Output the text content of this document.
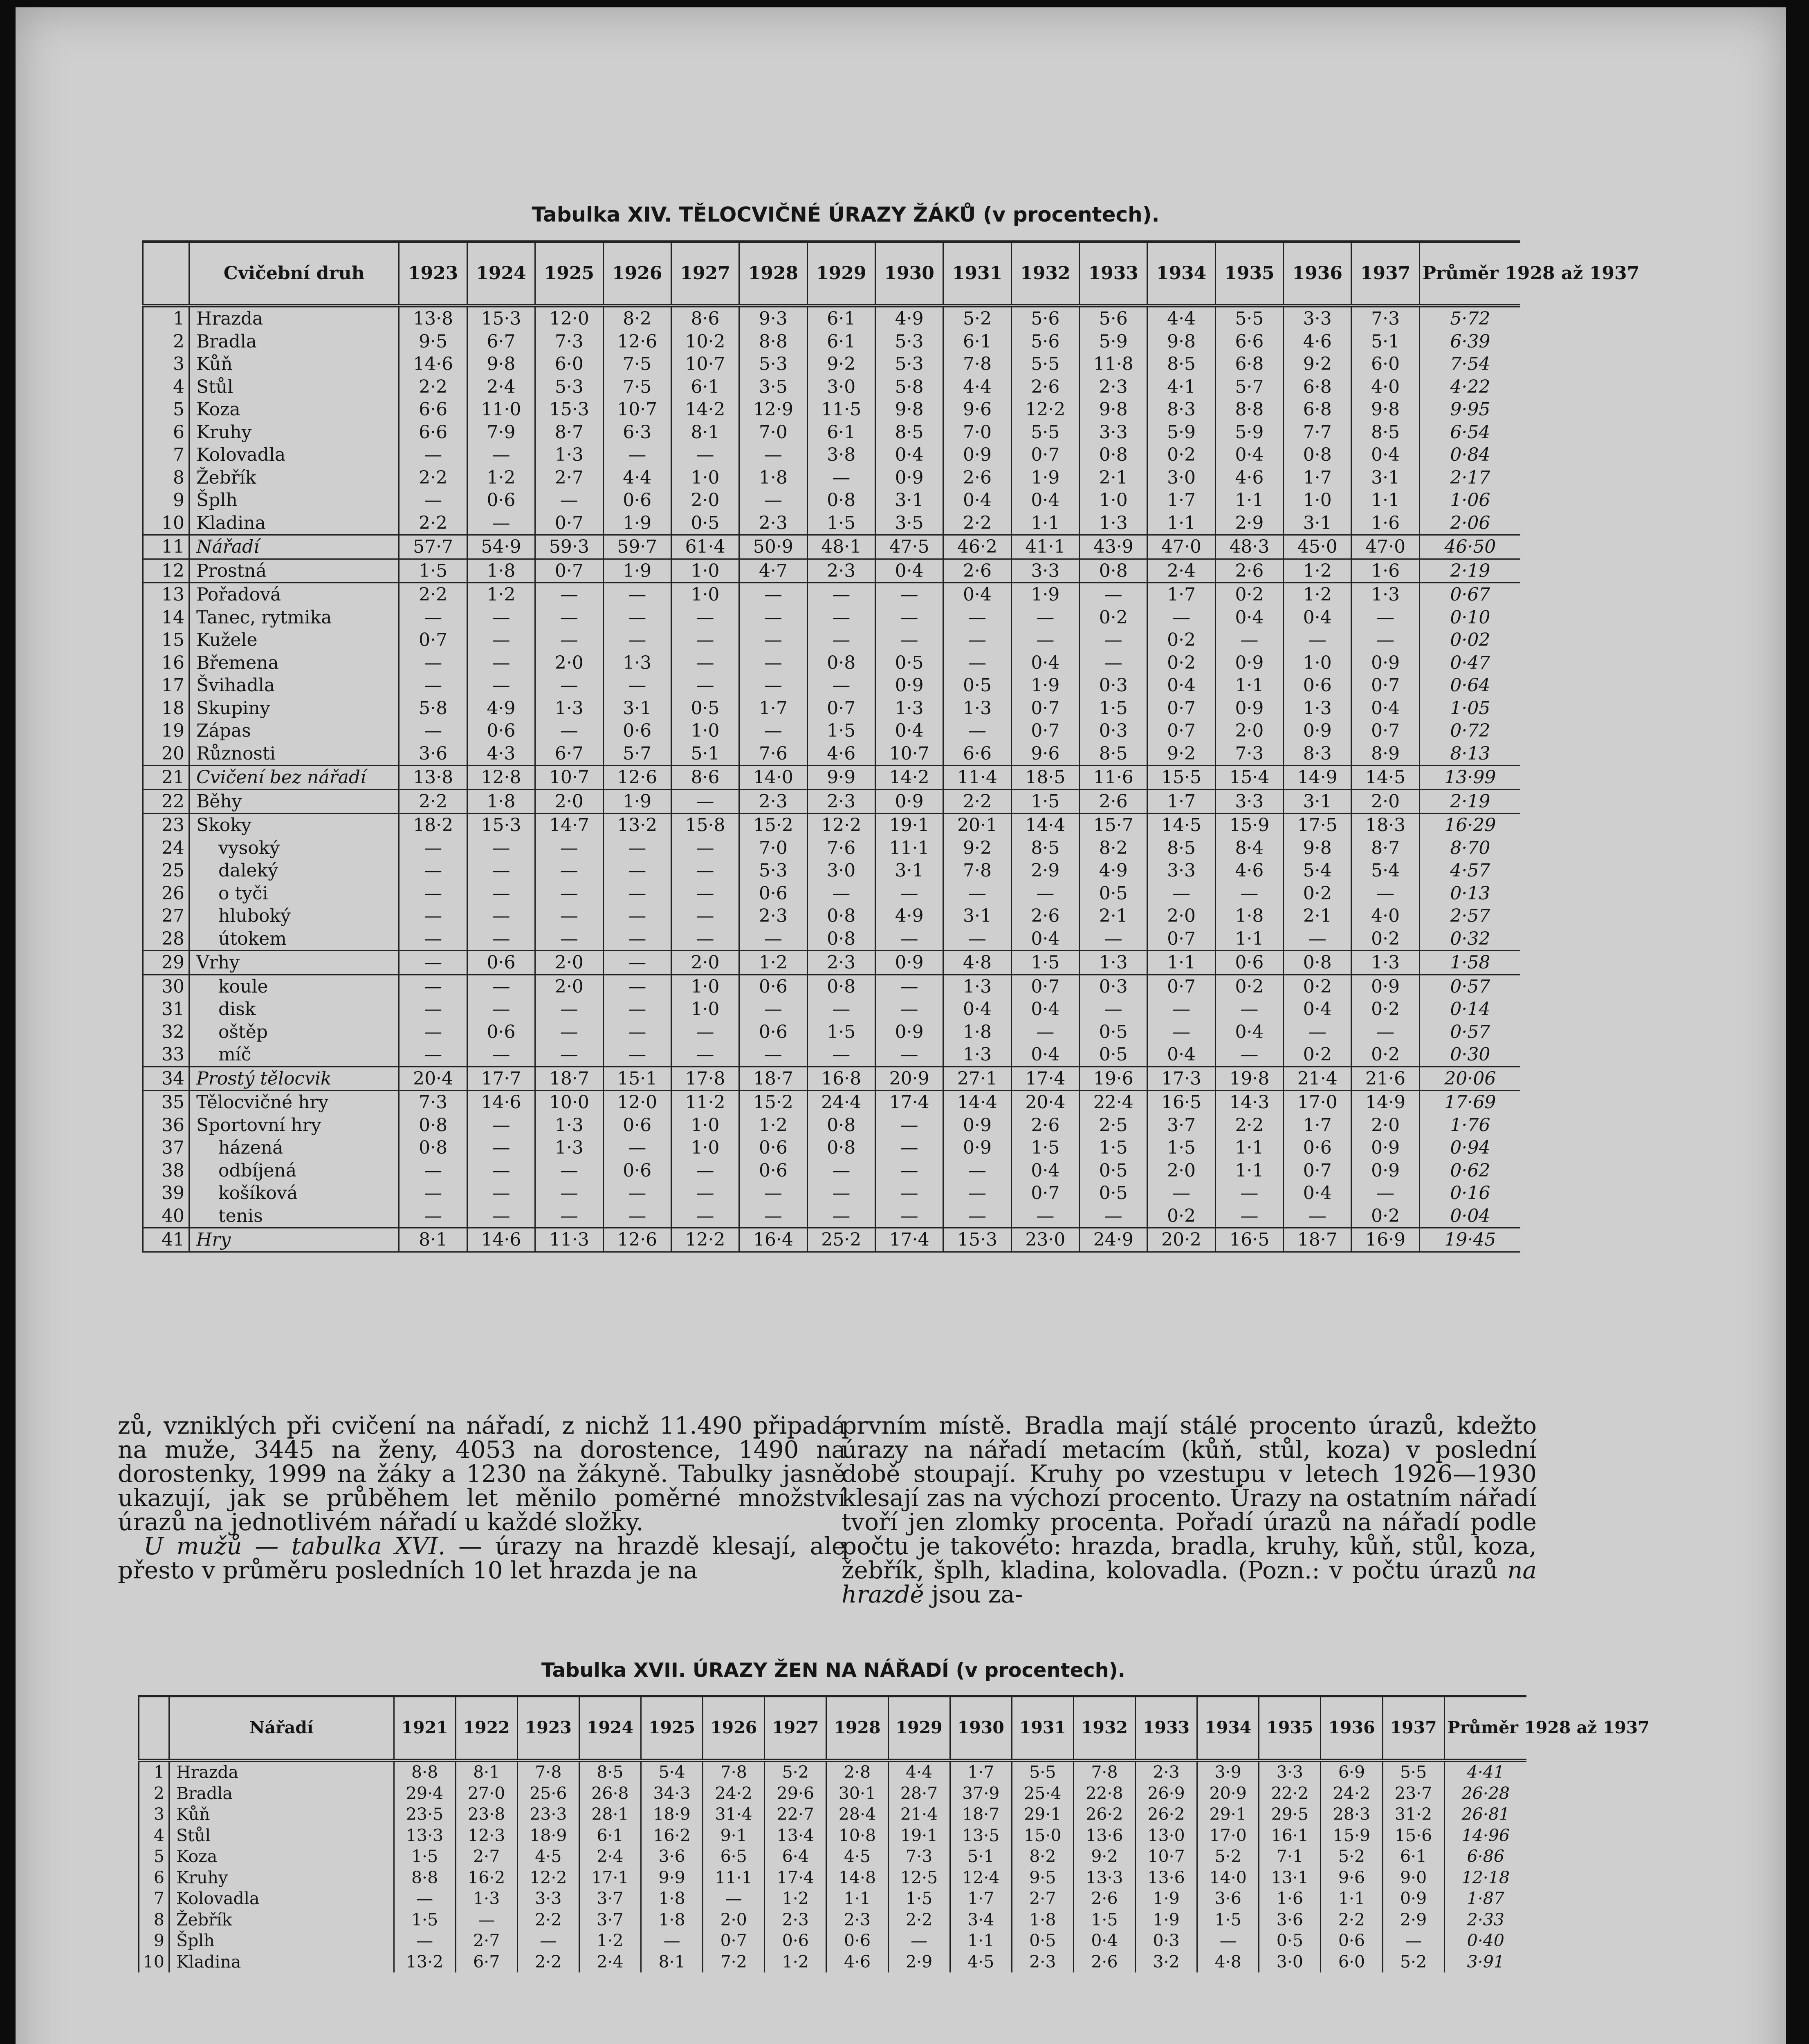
Tabulka XIV. TĚLOCVIČNÉ ÚRAZY ŽÁKŮ (v procentech).
	Cvičební druh	1923	1924	1925	1926	1927	1928	1929	1930	1931	1932	1933	1934	1935	1936	1937	Průměr 1928 až 1937
1	Hrazda	13·8	15·3	12·0	8·2	8·6	9·3	6·1	4·9	5·2	5·6	5·6	4·4	5·5	3·3	7·3	5·72
2	Bradla	9·5	6·7	7·3	12·6	10·2	8·8	6·1	5·3	6·1	5·6	5·9	9·8	6·6	4·6	5·1	6·39
3	Kůň	14·6	9·8	6·0	7·5	10·7	5·3	9·2	5·3	7·8	5·5	11·8	8·5	6·8	9·2	6·0	7·54
4	Stůl	2·2	2·4	5·3	7·5	6·1	3·5	3·0	5·8	4·4	2·6	2·3	4·1	5·7	6·8	4·0	4·22
5	Koza	6·6	11·0	15·3	10·7	14·2	12·9	11·5	9·8	9·6	12·2	9·8	8·3	8·8	6·8	9·8	9·95
6	Kruhy	6·6	7·9	8·7	6·3	8·1	7·0	6·1	8·5	7·0	5·5	3·3	5·9	5·9	7·7	8·5	6·54
7	Kolovadla	—	—	1·3	—	—	—	3·8	0·4	0·9	0·7	0·8	0·2	0·4	0·8	0·4	0·84
8	Žebřík	2·2	1·2	2·7	4·4	1·0	1·8	—	0·9	2·6	1·9	2·1	3·0	4·6	1·7	3·1	2·17
9	Šplh	—	0·6	—	0·6	2·0	—	0·8	3·1	0·4	0·4	1·0	1·7	1·1	1·0	1·1	1·06
10	Kladina	2·2	—	0·7	1·9	0·5	2·3	1·5	3·5	2·2	1·1	1·3	1·1	2·9	3·1	1·6	2·06
11	Nářadí	57·7	54·9	59·3	59·7	61·4	50·9	48·1	47·5	46·2	41·1	43·9	47·0	48·3	45·0	47·0	46·50
12	Prostná	1·5	1·8	0·7	1·9	1·0	4·7	2·3	0·4	2·6	3·3	0·8	2·4	2·6	1·2	1·6	2·19
13	Pořadová	2·2	1·2	—	—	1·0	—	—	—	0·4	1·9	—	1·7	0·2	1·2	1·3	0·67
14	Tanec, rytmika	—	—	—	—	—	—	—	—	—	—	0·2	—	0·4	0·4	—	0·10
15	Kužele	0·7	—	—	—	—	—	—	—	—	—	—	0·2	—	—	—	0·02
16	Břemena	—	—	2·0	1·3	—	—	0·8	0·5	—	0·4	—	0·2	0·9	1·0	0·9	0·47
17	Švihadla	—	—	—	—	—	—	—	0·9	0·5	1·9	0·3	0·4	1·1	0·6	0·7	0·64
18	Skupiny	5·8	4·9	1·3	3·1	0·5	1·7	0·7	1·3	1·3	0·7	1·5	0·7	0·9	1·3	0·4	1·05
19	Zápas	—	0·6	—	0·6	1·0	—	1·5	0·4	—	0·7	0·3	0·7	2·0	0·9	0·7	0·72
20	Různosti	3·6	4·3	6·7	5·7	5·1	7·6	4·6	10·7	6·6	9·6	8·5	9·2	7·3	8·3	8·9	8·13
21	Cvičení bez nářadí	13·8	12·8	10·7	12·6	8·6	14·0	9·9	14·2	11·4	18·5	11·6	15·5	15·4	14·9	14·5	13·99
22	Běhy	2·2	1·8	2·0	1·9	—	2·3	2·3	0·9	2·2	1·5	2·6	1·7	3·3	3·1	2·0	2·19
23	Skoky	18·2	15·3	14·7	13·2	15·8	15·2	12·2	19·1	20·1	14·4	15·7	14·5	15·9	17·5	18·3	16·29
24	vysoký	—	—	—	—	—	7·0	7·6	11·1	9·2	8·5	8·2	8·5	8·4	9·8	8·7	8·70
25	daleký	—	—	—	—	—	5·3	3·0	3·1	7·8	2·9	4·9	3·3	4·6	5·4	5·4	4·57
26	o tyči	—	—	—	—	—	0·6	—	—	—	—	0·5	—	—	0·2	—	0·13
27	hluboký	—	—	—	—	—	2·3	0·8	4·9	3·1	2·6	2·1	2·0	1·8	2·1	4·0	2·57
28	útokem	—	—	—	—	—	—	0·8	—	—	0·4	—	0·7	1·1	—	0·2	0·32
29	Vrhy	—	0·6	2·0	—	2·0	1·2	2·3	0·9	4·8	1·5	1·3	1·1	0·6	0·8	1·3	1·58
30	koule	—	—	2·0	—	1·0	0·6	0·8	—	1·3	0·7	0·3	0·7	0·2	0·2	0·9	0·57
31	disk	—	—	—	—	1·0	—	—	—	0·4	0·4	—	—	—	0·4	0·2	0·14
32	oštěp	—	0·6	—	—	—	0·6	1·5	0·9	1·8	—	0·5	—	0·4	—	—	0·57
33	míč	—	—	—	—	—	—	—	—	1·3	0·4	0·5	0·4	—	0·2	0·2	0·30
34	Prostý tělocvik	20·4	17·7	18·7	15·1	17·8	18·7	16·8	20·9	27·1	17·4	19·6	17·3	19·8	21·4	21·6	20·06
35	Tělocvičné hry	7·3	14·6	10·0	12·0	11·2	15·2	24·4	17·4	14·4	20·4	22·4	16·5	14·3	17·0	14·9	17·69
36	Sportovní hry	0·8	—	1·3	0·6	1·0	1·2	0·8	—	0·9	2·6	2·5	3·7	2·2	1·7	2·0	1·76
37	házená	0·8	—	1·3	—	1·0	0·6	0·8	—	0·9	1·5	1·5	1·5	1·1	0·6	0·9	0·94
38	odbíjená	—	—	—	0·6	—	0·6	—	—	—	0·4	0·5	2·0	1·1	0·7	0·9	0·62
39	košíková	—	—	—	—	—	—	—	—	—	0·7	0·5	—	—	0·4	—	0·16
40	tenis	—	—	—	—	—	—	—	—	—	—	—	0·2	—	—	0·2	0·04
41	Hry	8·1	14·6	11·3	12·6	12·2	16·4	25·2	17·4	15·3	23·0	24·9	20·2	16·5	18·7	16·9	19·45
zů, vzniklých při cvičení na nářadí, z nichž 11.490 připadá na muže, 3445 na ženy, 4053 na dorostence, 1490 na dorostenky, 1999 na žáky a 1230 na žákyně. Tabulky jasně ukazují, jak se průběhem let měnilo poměrné množství úrazů na jednotlivém nářadí u každé složky.
U mužů — tabulka XVI. — úrazy na hrazdě klesají, ale přesto v průměru posledních 10 let hrazda je na
prvním místě. Bradla mají stálé procento úrazů, kdežto úrazy na nářadí metacím (kůň, stůl, koza) v poslední době stoupají. Kruhy po vzestupu v letech 1926—1930 klesají zas na výchozí procento. Úrazy na ostatním nářadí tvoří jen zlomky procenta. Pořadí úrazů na nářadí podle počtu je takovéto: hrazda, bradla, kruhy, kůň, stůl, koza, žebřík, šplh, kladina, kolovadla. (Pozn.: v počtu úrazů na hrazdě jsou za-
Tabulka XVII. ÚRAZY ŽEN NA NÁŘADÍ (v procentech).
	Nářadí	1921	1922	1923	1924	1925	1926	1927	1928	1929	1930	1931	1932	1933	1934	1935	1936	1937	Průměr 1928 až 1937
1	Hrazda	8·8	8·1	7·8	8·5	5·4	7·8	5·2	2·8	4·4	1·7	5·5	7·8	2·3	3·9	3·3	6·9	5·5	4·41
2	Bradla	29·4	27·0	25·6	26·8	34·3	24·2	29·6	30·1	28·7	37·9	25·4	22·8	26·9	20·9	22·2	24·2	23·7	26·28
3	Kůň	23·5	23·8	23·3	28·1	18·9	31·4	22·7	28·4	21·4	18·7	29·1	26·2	26·2	29·1	29·5	28·3	31·2	26·81
4	Stůl	13·3	12·3	18·9	6·1	16·2	9·1	13·4	10·8	19·1	13·5	15·0	13·6	13·0	17·0	16·1	15·9	15·6	14·96
5	Koza	1·5	2·7	4·5	2·4	3·6	6·5	6·4	4·5	7·3	5·1	8·2	9·2	10·7	5·2	7·1	5·2	6·1	6·86
6	Kruhy	8·8	16·2	12·2	17·1	9·9	11·1	17·4	14·8	12·5	12·4	9·5	13·3	13·6	14·0	13·1	9·6	9·0	12·18
7	Kolovadla	—	1·3	3·3	3·7	1·8	—	1·2	1·1	1·5	1·7	2·7	2·6	1·9	3·6	1·6	1·1	0·9	1·87
8	Žebřík	1·5	—	2·2	3·7	1·8	2·0	2·3	2·3	2·2	3·4	1·8	1·5	1·9	1·5	3·6	2·2	2·9	2·33
9	Šplh	—	2·7	—	1·2	—	0·7	0·6	0·6	—	1·1	0·5	0·4	0·3	—	0·5	0·6	—	0·40
10	Kladina	13·2	6·7	2·2	2·4	8·1	7·2	1·2	4·6	2·9	4·5	2·3	2·6	3·2	4·8	3·0	6·0	5·2	3·91
